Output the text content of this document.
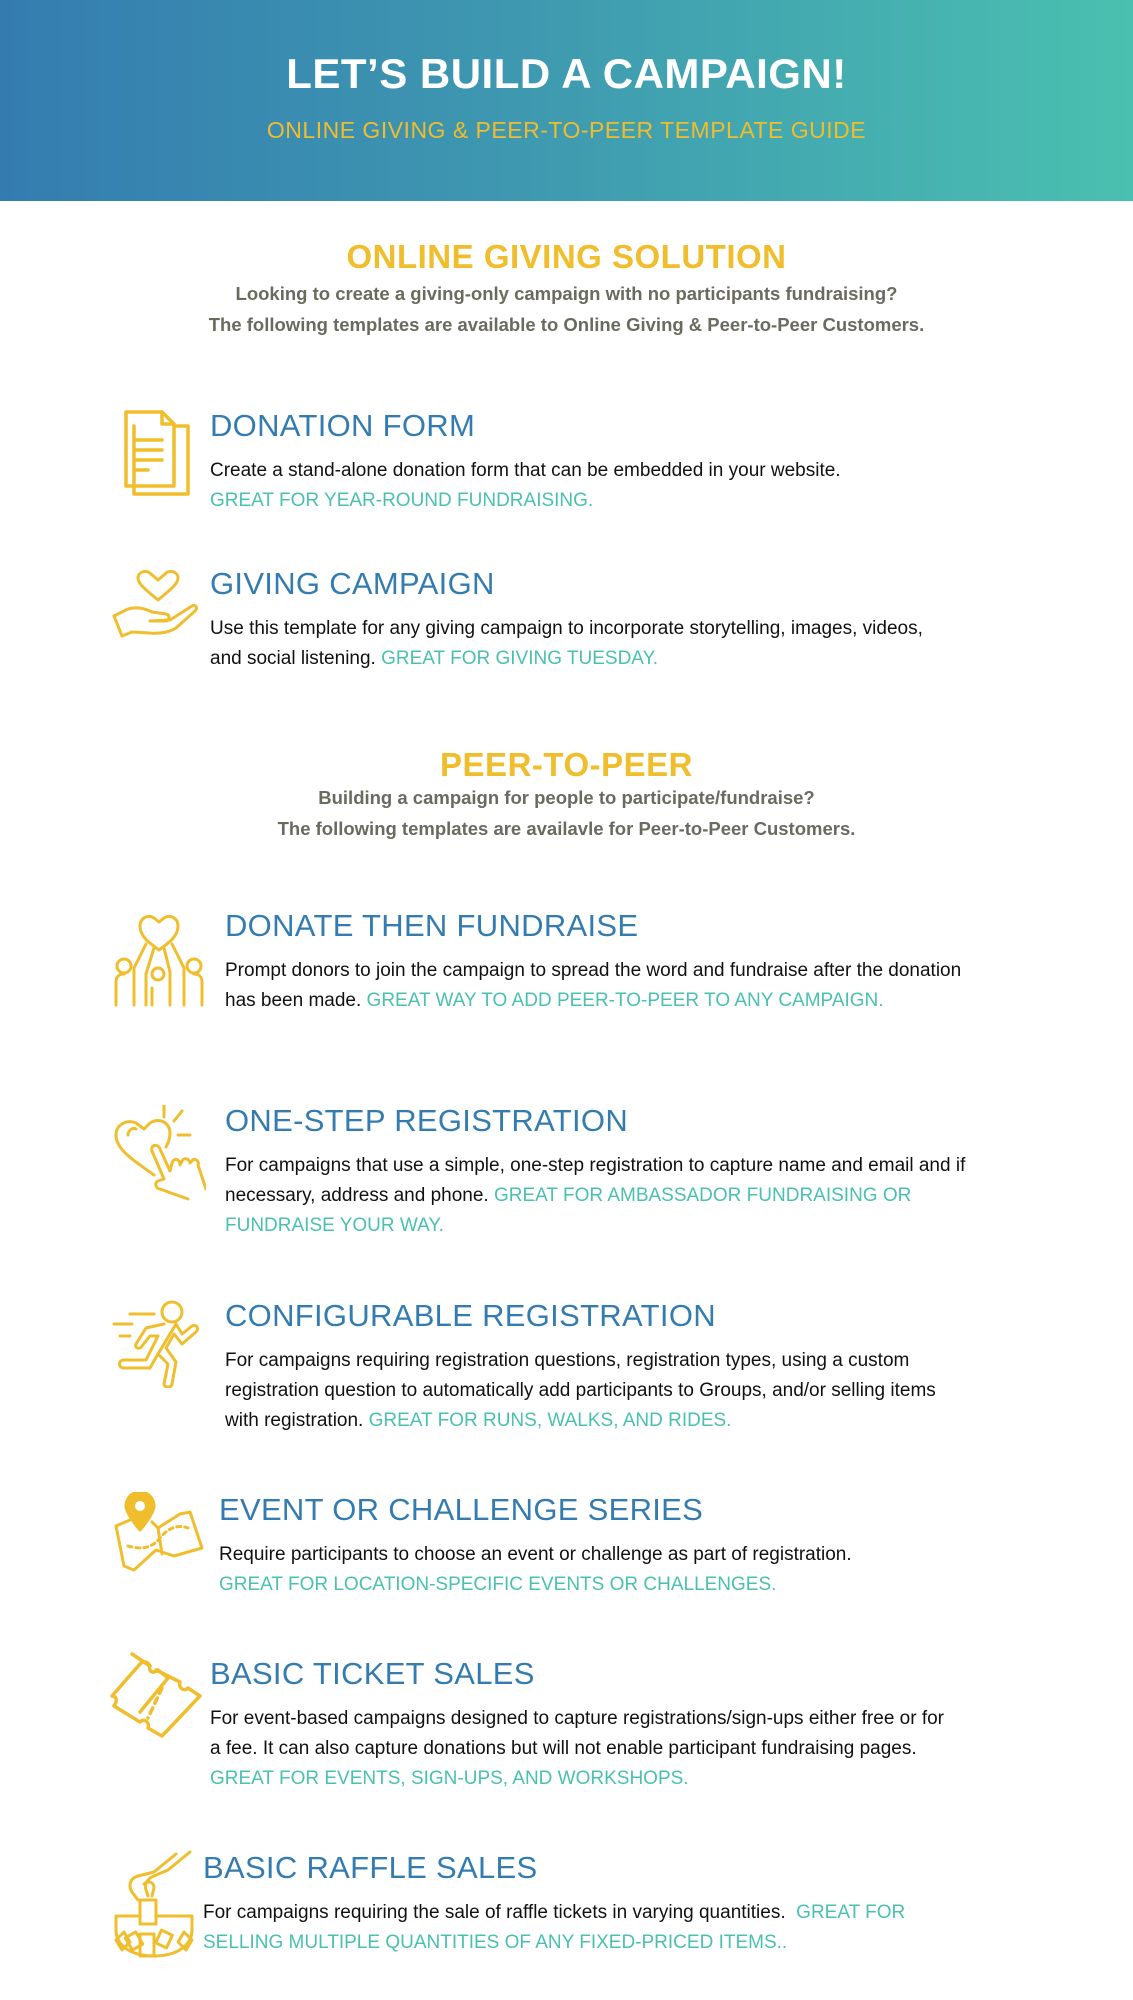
LET’S BUILD A CAMPAIGN!
ONLINE GIVING & PEER-TO-PEER TEMPLATE GUIDE
ONLINE GIVING SOLUTION
Looking to create a giving-only campaign with no participants fundraising?
The following templates are available to Online Giving & Peer-to-Peer Customers.
DONATION FORM
Create a stand-alone donation form that can be embedded in your website.
GREAT FOR YEAR-ROUND FUNDRAISING.
GIVING CAMPAIGN
Use this template for any giving campaign to incorporate storytelling, images, videos, and social listening. GREAT FOR GIVING TUESDAY.
PEER-TO-PEER
Building a campaign for people to participate/fundraise?
The following templates are availavle for Peer-to-Peer Customers.
DONATE THEN FUNDRAISE
Prompt donors to join the campaign to spread the word and fundraise after the donation has been made. GREAT WAY TO ADD PEER-TO-PEER TO ANY CAMPAIGN.
ONE-STEP REGISTRATION
For campaigns that use a simple, one-step registration to capture name and email and if necessary, address and phone. GREAT FOR AMBASSADOR FUNDRAISING OR FUNDRAISE YOUR WAY.
CONFIGURABLE REGISTRATION
For campaigns requiring registration questions, registration types, using a custom registration question to automatically add participants to Groups, and/or selling items with registration. GREAT FOR RUNS, WALKS, AND RIDES.
EVENT OR CHALLENGE SERIES
Require participants to choose an event or challenge as part of registration.
GREAT FOR LOCATION-SPECIFIC EVENTS OR CHALLENGES.
BASIC TICKET SALES
For event-based campaigns designed to capture registrations/sign-ups either free or for a fee. It can also capture donations but will not enable participant fundraising pages.  GREAT FOR EVENTS, SIGN-UPS, AND WORKSHOPS.
BASIC RAFFLE SALES
For campaigns requiring the sale of raffle tickets in varying quantities. GREAT FOR SELLING MULTIPLE QUANTITIES OF ANY FIXED-PRICED ITEMS..
